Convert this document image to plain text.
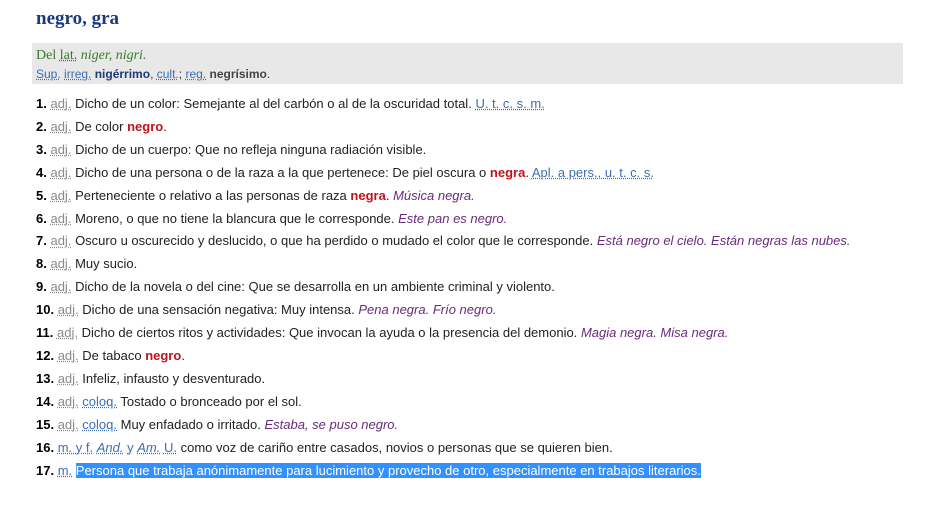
negro, gra
Del lat. niger, nigri.
Sup. irreg. nigérrimo, cult.; reg. negrísimo.
1. adj. Dicho de un color: Semejante al del carbón o al de la oscuridad total. U. t. c. s. m.
2. adj. De color negro.
3. adj. Dicho de un cuerpo: Que no refleja ninguna radiación visible.
4. adj. Dicho de una persona o de la raza a la que pertenece: De piel oscura o negra. Apl. a pers., u. t. c. s.
5. adj. Perteneciente o relativo a las personas de raza negra. Música negra.
6. adj. Moreno, o que no tiene la blancura que le corresponde. Este pan es negro.
7. adj. Oscuro u oscurecido y deslucido, o que ha perdido o mudado el color que le corresponde. Está negro el cielo. Están negras las nubes.
8. adj. Muy sucio.
9. adj. Dicho de la novela o del cine: Que se desarrolla en un ambiente criminal y violento.
10. adj. Dicho de una sensación negativa: Muy intensa. Pena negra. Frío negro.
11. adj. Dicho de ciertos ritos y actividades: Que invocan la ayuda o la presencia del demonio. Magia negra. Misa negra.
12. adj. De tabaco negro.
13. adj. Infeliz, infausto y desventurado.
14. adj. coloq. Tostado o bronceado por el sol.
15. adj. coloq. Muy enfadado o irritado. Estaba, se puso negro.
16. m. y f. And. y Am. U. como voz de cariño entre casados, novios o personas que se quieren bien.
17. m. Persona que trabaja anónimamente para lucimiento y provecho de otro, especialmente en trabajos literarios.
